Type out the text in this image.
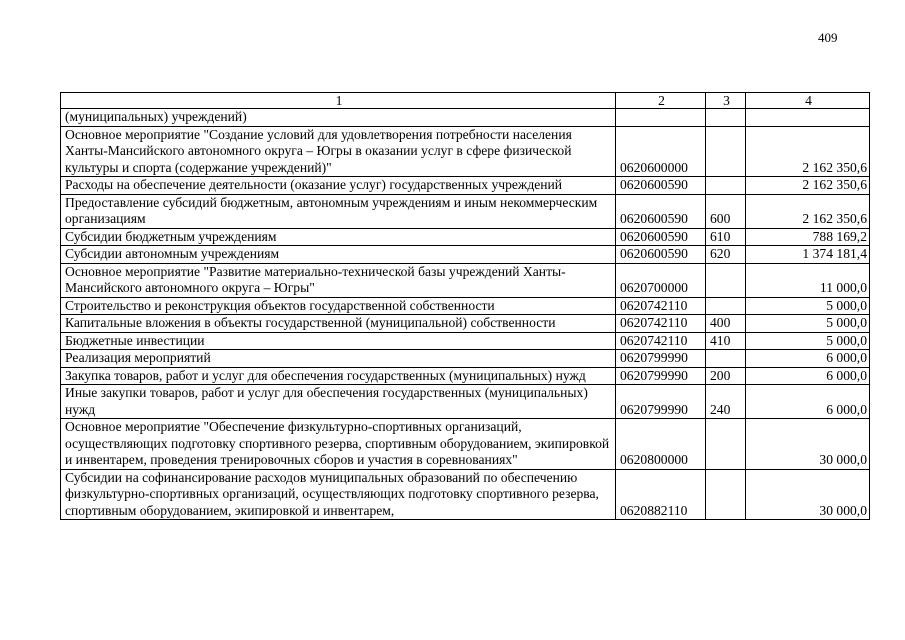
409
1	2	3	4
(муниципальных) учреждений)			
Основное мероприятие "Создание условий для удовлетворения потребности населения Ханты-Мансийского автономного округа – Югры в оказании услуг в сфере физической культуры и спорта (содержание учреждений)"	0620600000		2 162 350,6
Расходы на обеспечение деятельности (оказание услуг) государственных учреждений	0620600590		2 162 350,6
Предоставление субсидий бюджетным, автономным учреждениям и иным некоммерческим организациям	0620600590	600	2 162 350,6
Субсидии бюджетным учреждениям	0620600590	610	788 169,2
Субсидии автономным учреждениям	0620600590	620	1 374 181,4
Основное мероприятие "Развитие материально-технической базы учреждений Ханты-Мансийского автономного округа – Югры"	0620700000		11 000,0
Строительство и реконструкция объектов государственной собственности	0620742110		5 000,0
Капитальные вложения в объекты государственной (муниципальной) собственности	0620742110	400	5 000,0
Бюджетные инвестиции	0620742110	410	5 000,0
Реализация мероприятий	0620799990		6 000,0
Закупка товаров, работ и услуг для обеспечения государственных (муниципальных) нужд	0620799990	200	6 000,0
Иные закупки товаров, работ и услуг для обеспечения государственных (муниципальных) нужд	0620799990	240	6 000,0
Основное мероприятие "Обеспечение физкультурно-спортивных организаций, осуществляющих подготовку спортивного резерва, спортивным оборудованием, экипировкой и инвентарем, проведения тренировочных сборов и участия в соревнованиях"	0620800000		30 000,0
Субсидии на софинансирование расходов муниципальных образований по обеспечению физкультурно-спортивных организаций, осуществляющих подготовку спортивного резерва, спортивным оборудованием, экипировкой и инвентарем,	0620882110		30 000,0
